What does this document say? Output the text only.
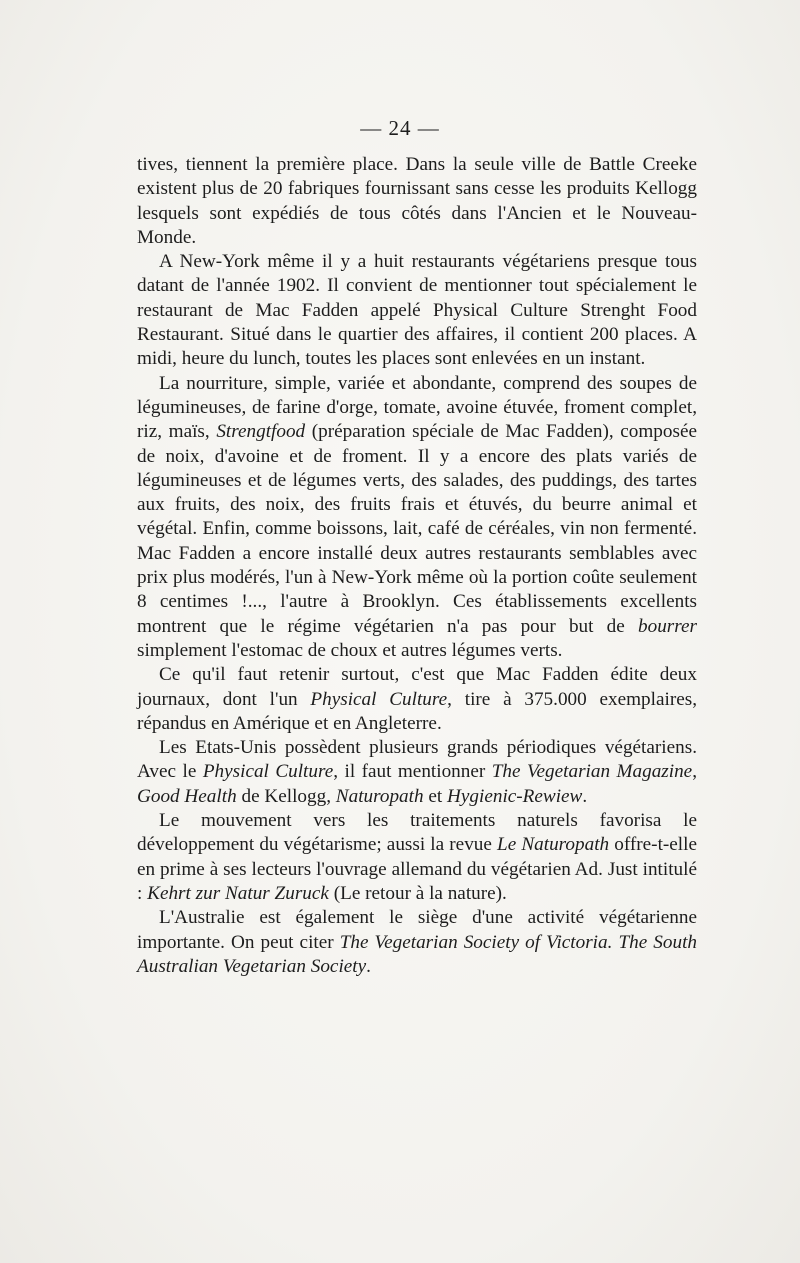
— 24 —

tives, tiennent la première place. Dans la seule ville de Battle Creeke existent plus de 20 fabriques fournissant sans cesse les produits Kellogg lesquels sont expédiés de tous côtés dans l'Ancien et le Nouveau-Monde.

A New-York même il y a huit restaurants végétariens presque tous datant de l'année 1902. Il convient de mentionner tout spécialement le restaurant de Mac Fadden appelé Physical Culture Strenght Food Restaurant. Situé dans le quartier des affaires, il contient 200 places. A midi, heure du lunch, toutes les places sont enlevées en un instant.

La nourriture, simple, variée et abondante, comprend des soupes de légumineuses, de farine d'orge, tomate, avoine étuvée, froment complet, riz, maïs, Strengtfood (préparation spéciale de Mac Fadden), composée de noix, d'avoine et de froment. Il y a encore des plats variés de légumineuses et de légumes verts, des salades, des puddings, des tartes aux fruits, des noix, des fruits frais et étuvés, du beurre animal et végétal. Enfin, comme boissons, lait, café de céréales, vin non fermenté. Mac Fadden a encore installé deux autres restaurants semblables avec prix plus modérés, l'un à New-York même où la portion coûte seulement 8 centimes !..., l'autre à Brooklyn. Ces établissements excellents montrent que le régime végétarien n'a pas pour but de bourrer simplement l'estomac de choux et autres légumes verts.

Ce qu'il faut retenir surtout, c'est que Mac Fadden édite deux journaux, dont l'un Physical Culture, tire à 375.000 exemplaires, répandus en Amérique et en Angleterre.

Les Etats-Unis possèdent plusieurs grands périodiques végétariens. Avec le Physical Culture, il faut mentionner The Vegetarian Magazine, Good Health de Kellogg, Naturopath et Hygienic-Rewiew.

Le mouvement vers les traitements naturels favorisa le développement du végétarisme; aussi la revue Le Naturopath offre-t-elle en prime à ses lecteurs l'ouvrage allemand du végétarien Ad. Just intitulé : Kehrt zur Natur Zuruck (Le retour à la nature).

L'Australie est également le siège d'une activité végétarienne importante. On peut citer The Vegetarian Society of Victoria. The South Australian Vegetarian Society.
